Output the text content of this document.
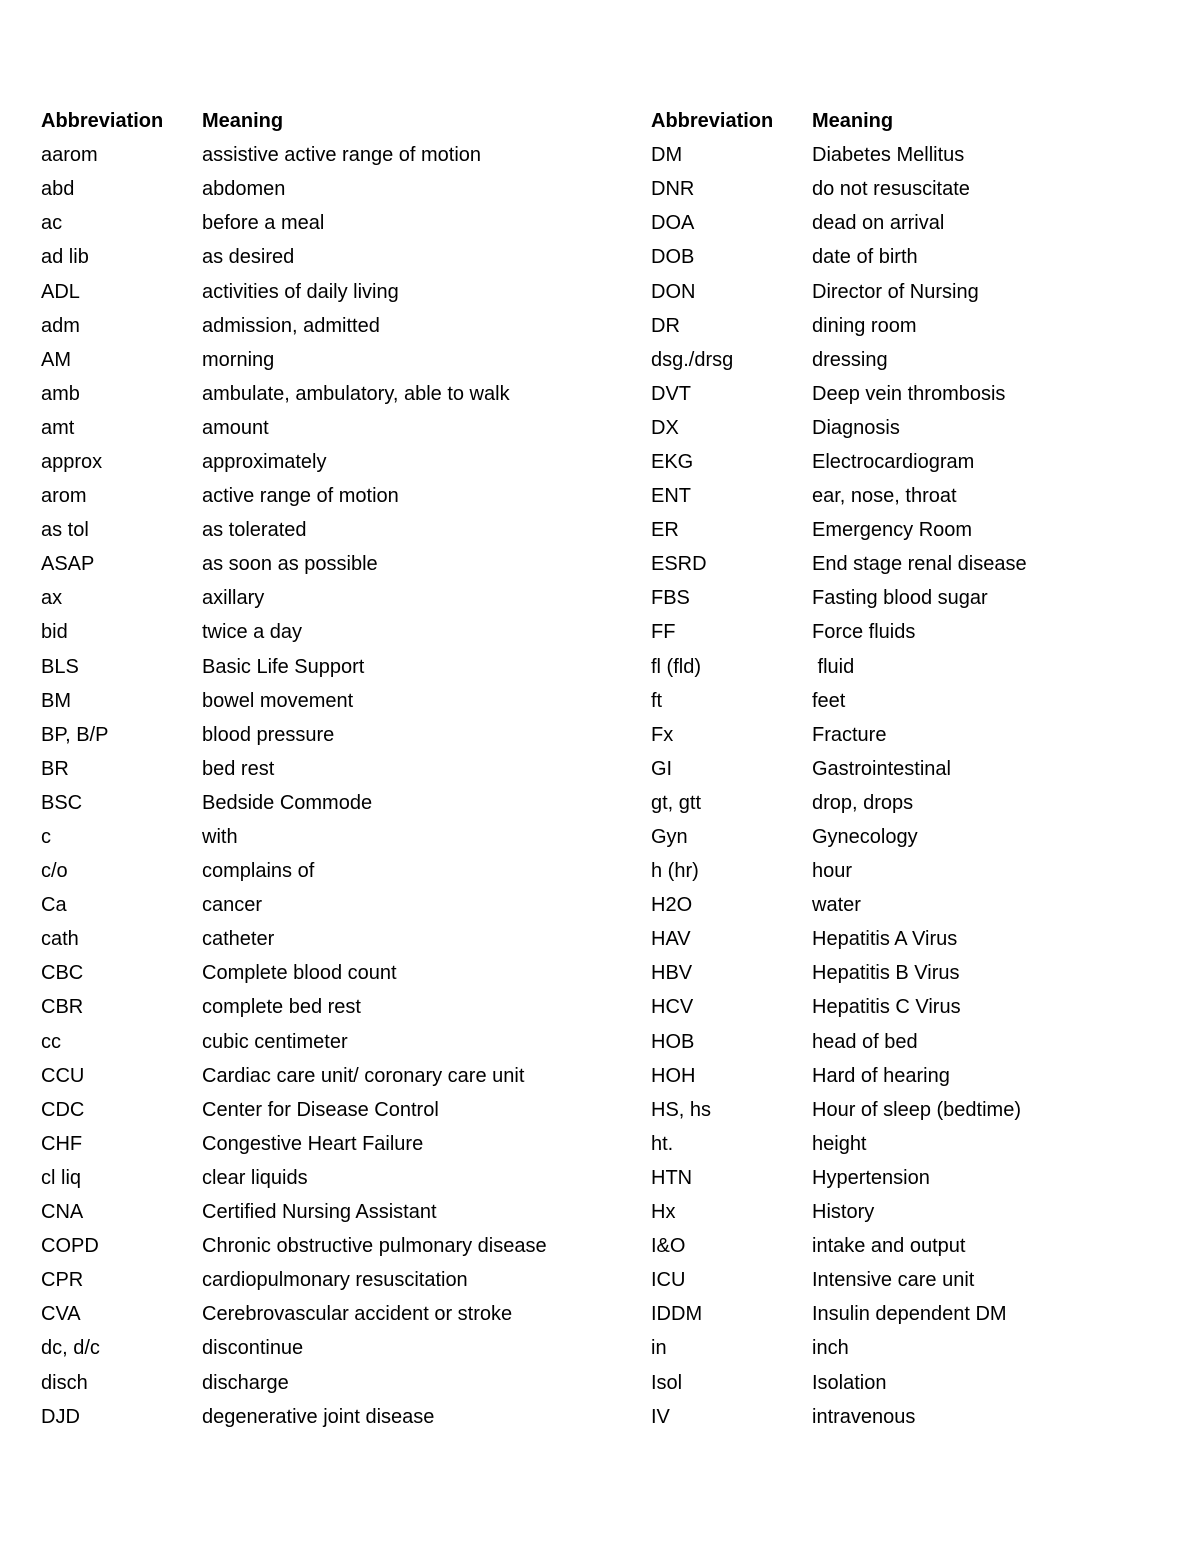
Abbreviation	Meaning
aarom	assistive active range of motion
abd	abdomen
ac	before a meal
ad lib	as desired
ADL	activities of daily living
adm	admission, admitted
AM	morning
amb	ambulate, ambulatory, able to walk
amt	amount
approx	approximately
arom	active range of motion
as tol	as tolerated
ASAP	as soon as possible
ax	axillary
bid	twice a day
BLS	Basic Life Support
BM	bowel movement
BP, B/P	blood pressure
BR	bed rest
BSC	Bedside Commode
c	with
c/o	complains of
Ca	cancer
cath	catheter
CBC	Complete blood count
CBR	complete bed rest
cc	cubic centimeter
CCU	Cardiac care unit/ coronary care unit
CDC	Center for Disease Control
CHF	Congestive Heart Failure
cl liq	clear liquids
CNA	Certified Nursing Assistant
COPD	Chronic obstructive pulmonary disease
CPR	cardiopulmonary resuscitation
CVA	Cerebrovascular accident or stroke
dc, d/c	discontinue
disch	discharge
DJD	degenerative joint disease
Abbreviation	Meaning
DM	Diabetes Mellitus
DNR	do not resuscitate
DOA	dead on arrival
DOB	date of birth
DON	Director of Nursing
DR	dining room
dsg./drsg	dressing
DVT	Deep vein thrombosis
DX	Diagnosis
EKG	Electrocardiogram
ENT	ear, nose, throat
ER	Emergency Room
ESRD	End stage renal disease
FBS	Fasting blood sugar
FF	Force fluids
fl (fld)	fluid
ft	feet
Fx	Fracture
GI	Gastrointestinal
gt, gtt	drop, drops
Gyn	Gynecology
h (hr)	hour
H2O	water
HAV	Hepatitis A Virus
HBV	Hepatitis B Virus
HCV	Hepatitis C Virus
HOB	head of bed
HOH	Hard of hearing
HS, hs	Hour of sleep (bedtime)
ht.	height
HTN	Hypertension
Hx	History
I&O	intake and output
ICU	Intensive care unit
IDDM	Insulin dependent DM
in	inch
Isol	Isolation
IV	intravenous
